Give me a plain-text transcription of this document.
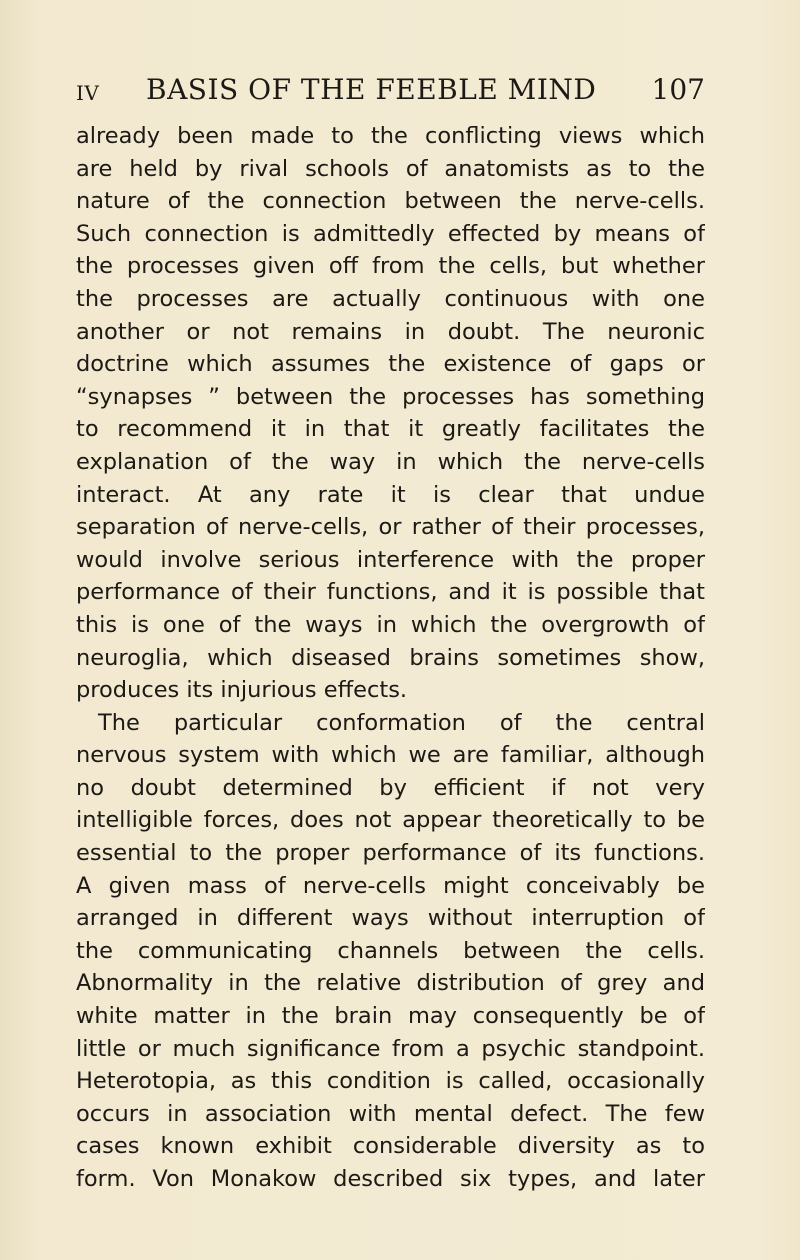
IV BASIS OF THE FEEBLE MIND 107
already been made to the conflicting views which
are held by rival schools of anatomists as to the
nature of the connection between the nerve-cells.
Such connection is admittedly effected by means of
the processes given off from the cells, but whether
the processes are actually continuous with one
another or not remains in doubt. The neuronic
doctrine which assumes the existence of gaps or
“synapses ” between the processes has something
to recommend it in that it greatly facilitates the
explanation of the way in which the nerve-cells
interact. At any rate it is clear that undue
separation of nerve-cells, or rather of their processes,
would involve serious interference with the proper
performance of their functions, and it is possible that
this is one of the ways in which the overgrowth of
neuroglia, which diseased brains sometimes show,
produces its injurious effects.
The particular conformation of the central
nervous system with which we are familiar, although
no doubt determined by efficient if not very
intelligible forces, does not appear theoretically to be
essential to the proper performance of its functions.
A given mass of nerve-cells might conceivably be
arranged in different ways without interruption of
the communicating channels between the cells.
Abnormality in the relative distribution of grey and
white matter in the brain may consequently be of
little or much significance from a psychic standpoint.
Heterotopia, as this condition is called, occasionally
occurs in association with mental defect. The few
cases known exhibit considerable diversity as to
form. Von Monakow described six types, and later
